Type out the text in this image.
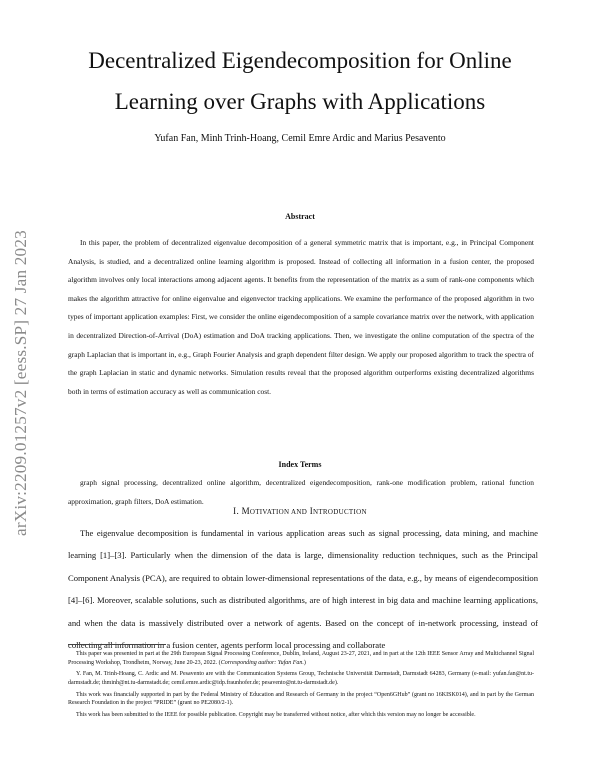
arXiv:2209.01257v2 [eess.SP] 27 Jan 2023
Decentralized Eigendecomposition for Online
Learning over Graphs with Applications
Yufan Fan, Minh Trinh-Hoang, Cemil Emre Ardic and Marius Pesavento
Abstract

In this paper, the problem of decentralized eigenvalue decomposition of a general symmetric matrix that is important, e.g., in Principal Component Analysis, is studied, and a decentralized online learning algorithm is proposed. Instead of collecting all information in a fusion center, the proposed algorithm involves only local interactions among adjacent agents. It benefits from the representation of the matrix as a sum of rank-one components which makes the algorithm attractive for online eigenvalue and eigenvector tracking applications. We examine the performance of the proposed algorithm in two types of important application examples: First, we consider the online eigendecomposition of a sample covariance matrix over the network, with application in decentralized Direction-of-Arrival (DoA) estimation and DoA tracking applications. Then, we investigate the online computation of the spectra of the graph Laplacian that is important in, e.g., Graph Fourier Analysis and graph dependent filter design. We apply our proposed algorithm to track the spectra of the graph Laplacian in static and dynamic networks. Simulation results reveal that the proposed algorithm outperforms existing decentralized algorithms both in terms of estimation accuracy as well as communication cost.

Index Terms

graph signal processing, decentralized online algorithm, decentralized eigendecomposition, rank-one modification problem, rational function approximation, graph filters, DoA estimation.

I. MOTIVATION AND INTRODUCTION

The eigenvalue decomposition is fundamental in various application areas such as signal processing, data mining, and machine learning [1]–[3]. Particularly when the dimension of the data is large, dimensionality reduction techniques, such as the Principal Component Analysis (PCA), are required to obtain lower-dimensional representations of the data, e.g., by means of eigendecomposition [4]–[6]. Moreover, scalable solutions, such as distributed algorithms, are of high interest in big data and machine learning applications, and when the data is massively distributed over a network of agents. Based on the concept of in-network processing, instead of collecting all information in a fusion center, agents perform local processing and collaborate

This paper was presented in part at the 29th European Signal Processing Conference, Dublin, Ireland, August 23-27, 2021, and in part at the 12th IEEE Sensor Array and Multichannel Signal Processing Workshop, Trondheim, Norway, June 20-23, 2022. (Corresponding author: Yufan Fan.)

Y. Fan, M. Trinh-Hoang, C. Ardic and M. Pesavento are with the Communication Systems Group, Technische Universität Darmstadt, Darmstadt 64283, Germany (e-mail: yufan.fan@nt.tu-darmstadt.de; thminh@nt.tu-darmstadt.de; cemil.emre.ardic@idp.fraunhofer.de; pesavento@nt.tu-darmstadt.de).

This work was financially supported in part by the Federal Ministry of Education and Research of Germany in the project “Open6GHub” (grant no 16KISK014), and in part by the German Research Foundation in the project “PRIDE” (grant no PE2080/2-1).

This work has been submitted to the IEEE for possible publication. Copyright may be transferred without notice, after which this version may no longer be accessible.
